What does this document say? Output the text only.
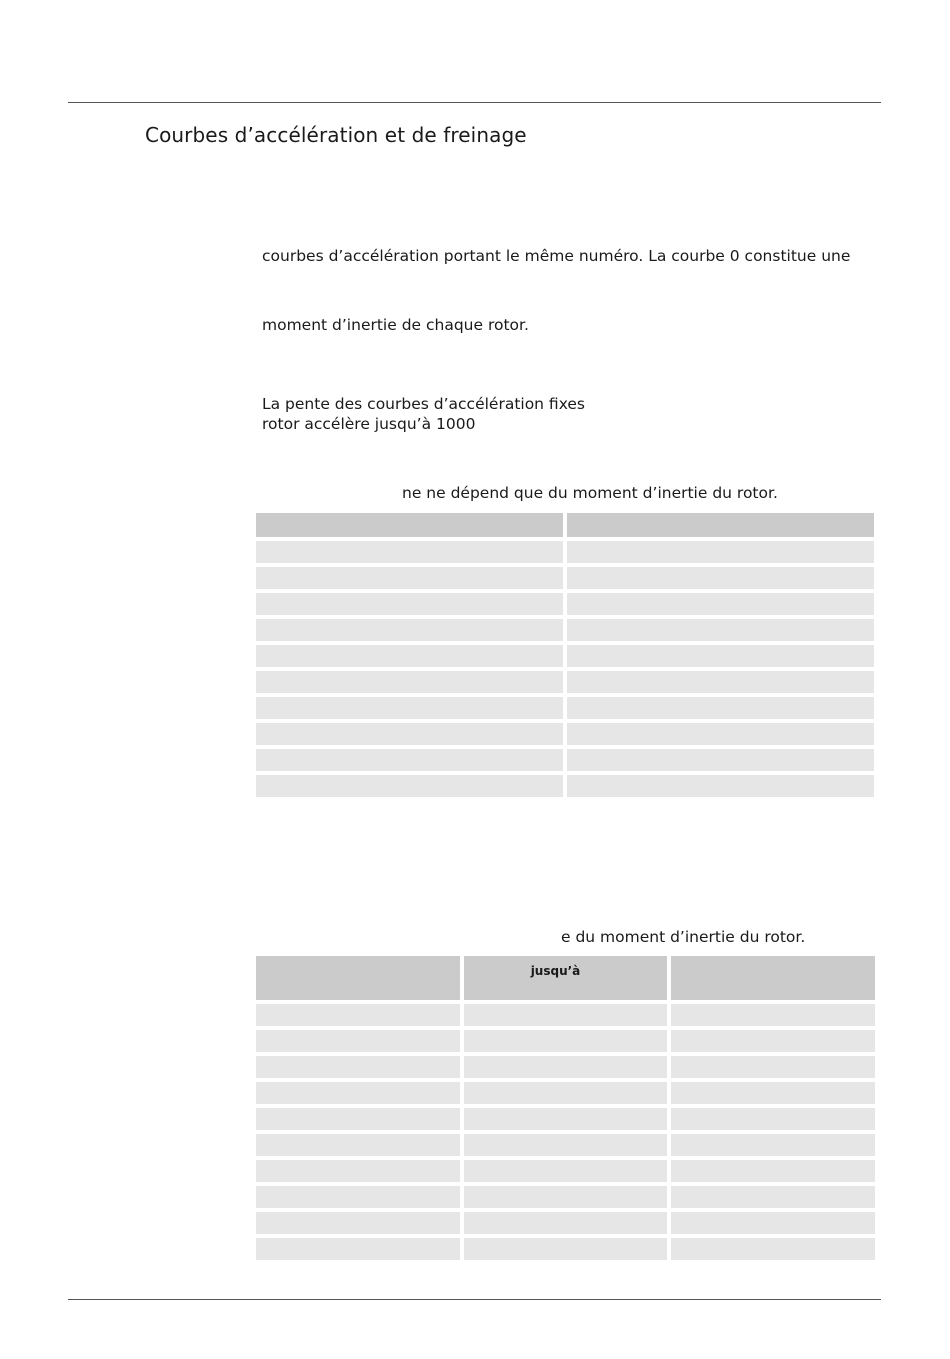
Courbes d’accélération et de freinage

courbes d’accélération portant le même numéro. La courbe 0 constitue une

moment d’inertie de chaque rotor.

La pente des courbes d’accélération fixes
rotor accélère jusqu’à 1000

ne ne dépend que du moment d’inertie du rotor.

e du moment d’inertie du rotor.

	jusqu’à	
